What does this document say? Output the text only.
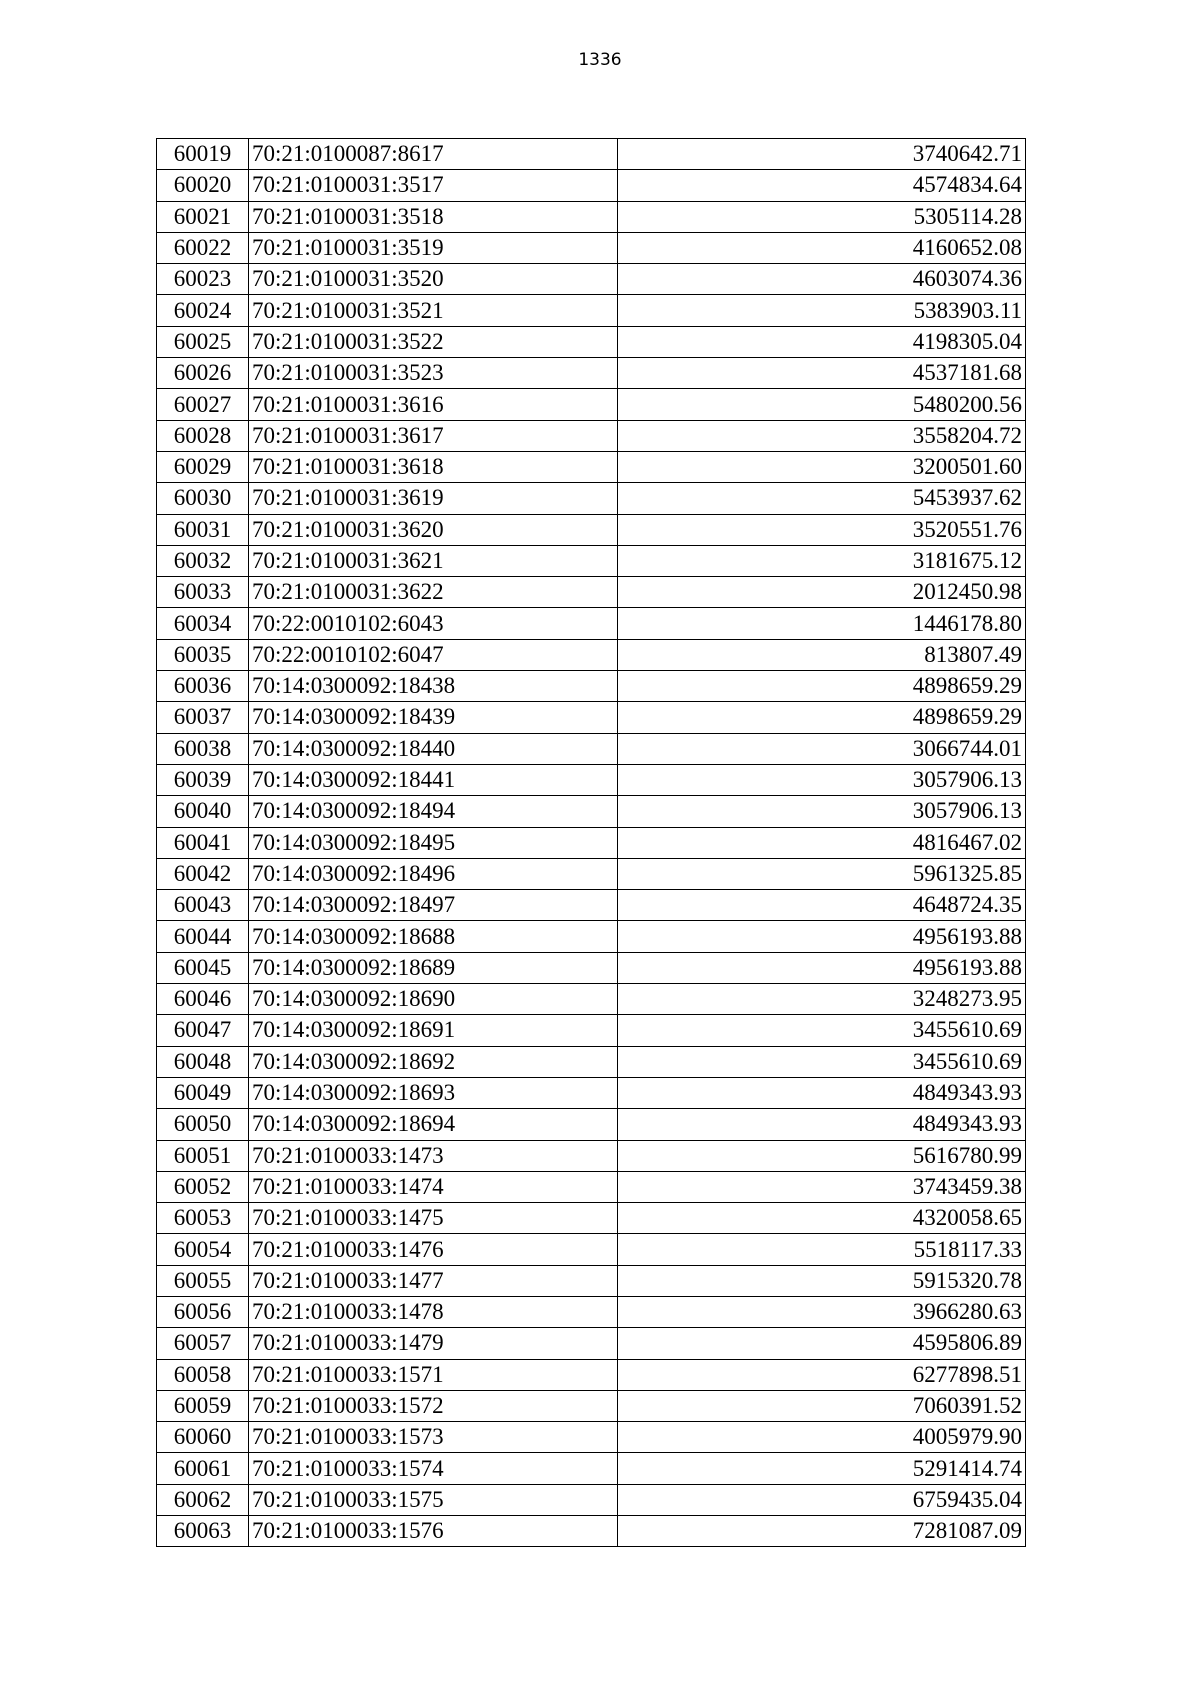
1336
60019	70:21:0100087:8617	3740642.71
60020	70:21:0100031:3517	4574834.64
60021	70:21:0100031:3518	5305114.28
60022	70:21:0100031:3519	4160652.08
60023	70:21:0100031:3520	4603074.36
60024	70:21:0100031:3521	5383903.11
60025	70:21:0100031:3522	4198305.04
60026	70:21:0100031:3523	4537181.68
60027	70:21:0100031:3616	5480200.56
60028	70:21:0100031:3617	3558204.72
60029	70:21:0100031:3618	3200501.60
60030	70:21:0100031:3619	5453937.62
60031	70:21:0100031:3620	3520551.76
60032	70:21:0100031:3621	3181675.12
60033	70:21:0100031:3622	2012450.98
60034	70:22:0010102:6043	1446178.80
60035	70:22:0010102:6047	813807.49
60036	70:14:0300092:18438	4898659.29
60037	70:14:0300092:18439	4898659.29
60038	70:14:0300092:18440	3066744.01
60039	70:14:0300092:18441	3057906.13
60040	70:14:0300092:18494	3057906.13
60041	70:14:0300092:18495	4816467.02
60042	70:14:0300092:18496	5961325.85
60043	70:14:0300092:18497	4648724.35
60044	70:14:0300092:18688	4956193.88
60045	70:14:0300092:18689	4956193.88
60046	70:14:0300092:18690	3248273.95
60047	70:14:0300092:18691	3455610.69
60048	70:14:0300092:18692	3455610.69
60049	70:14:0300092:18693	4849343.93
60050	70:14:0300092:18694	4849343.93
60051	70:21:0100033:1473	5616780.99
60052	70:21:0100033:1474	3743459.38
60053	70:21:0100033:1475	4320058.65
60054	70:21:0100033:1476	5518117.33
60055	70:21:0100033:1477	5915320.78
60056	70:21:0100033:1478	3966280.63
60057	70:21:0100033:1479	4595806.89
60058	70:21:0100033:1571	6277898.51
60059	70:21:0100033:1572	7060391.52
60060	70:21:0100033:1573	4005979.90
60061	70:21:0100033:1574	5291414.74
60062	70:21:0100033:1575	6759435.04
60063	70:21:0100033:1576	7281087.09
